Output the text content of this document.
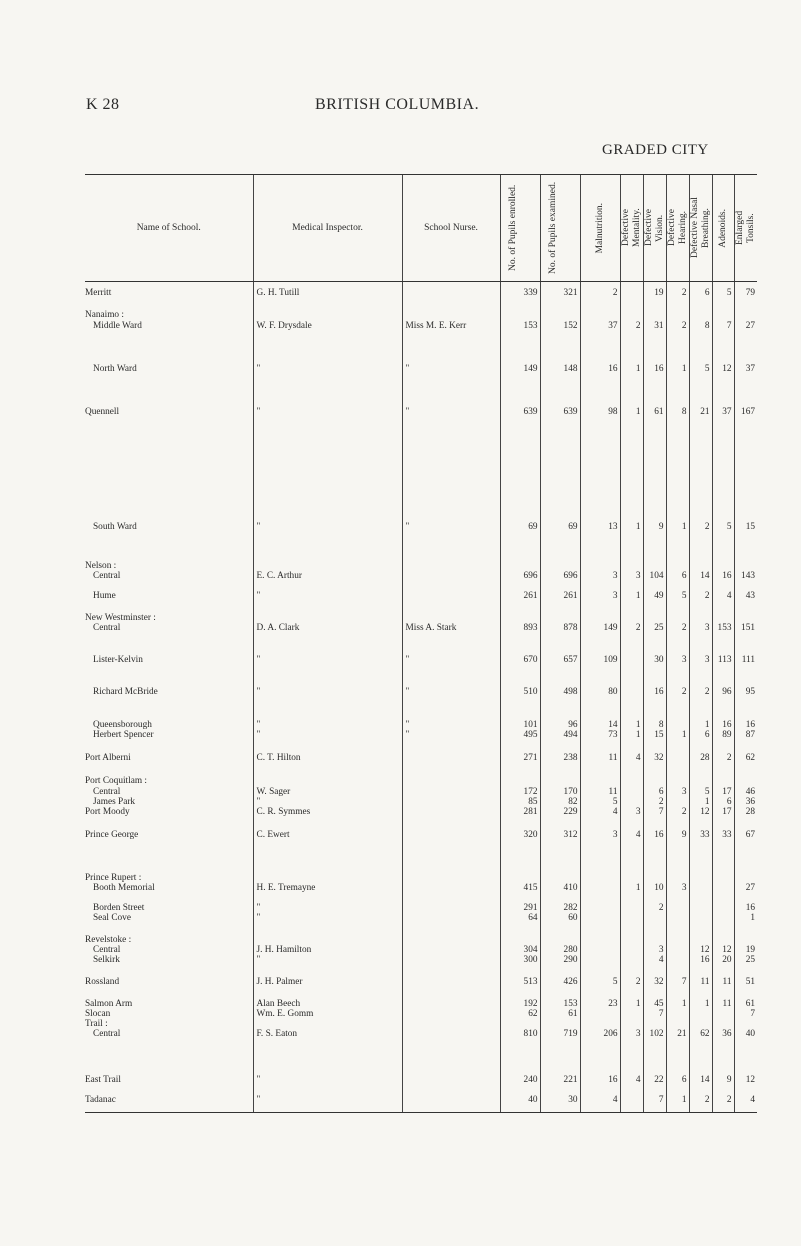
K 28	BRITISH COLUMBIA.
GRADED CITY
Name of School.	Medical Inspector.	School Nurse.	No. of Pupils enrolled.	No. of Pupils examined.	Malnutrition.	Defective Mentality.	Defective Vision.	Defective Hearing.	Defective Nasal Breathing.	Adenoids.	Enlarged Tonsils.

Merritt	G. H. Tutill		339	321	2		19	2	6	5	79
Nanaimo :											
Middle Ward	W. F. Drysdale	Miss M. E. Kerr	153	152	37	2	31	2	8	7	27
North Ward	"	"	149	148	16	1	16	1	5	12	37
Quennell	"	"	639	639	98	1	61	8	21	37	167
South Ward	"	"	69	69	13	1	9	1	2	5	15
Nelson :											
Central	E. C. Arthur		696	696	3	3	104	6	14	16	143
Hume	"		261	261	3	1	49	5	2	4	43
New Westminster :											
Central	D. A. Clark	Miss A. Stark	893	878	149	2	25	2	3	153	151
Lister-Kelvin	"	"	670	657	109		30	3	3	113	111
Richard McBride	"	"	510	498	80		16	2	2	96	95
Queensborough	"	"	101	96	14	1	8		1	16	16
Herbert Spencer	"	"	495	494	73	1	15	1	6	89	87
Port Alberni	C. T. Hilton		271	238	11	4	32		28	2	62
Port Coquitlam :											
Central	W. Sager		172	170	11		6	3	5	17	46
James Park	"		85	82	5		2		1	6	36
Port Moody	C. R. Symmes		281	229	4	3	7	2	12	17	28
Prince George	C. Ewert		320	312	3	4	16	9	33	33	67
Prince Rupert :											
Booth Memorial	H. E. Tremayne		415	410		1	10	3			27
Borden Street	"		291	282			2				16
Seal Cove	"		64	60							1
Revelstoke :											
Central	J. H. Hamilton		304	280			3		12	12	19
Selkirk	"		300	290			4		16	20	25
Rossland	J. H. Palmer		513	426	5	2	32	7	11	11	51
Salmon Arm	Alan Beech		192	153	23	1	45	1	1	11	61
Slocan	Wm. E. Gomm		62	61			7				7
Trail :											
Central	F. S. Eaton		810	719	206	3	102	21	62	36	40
East Trail	"		240	221	16	4	22	6	14	9	12
Tadanac	"		40	30	4		7	1	2	2	4
